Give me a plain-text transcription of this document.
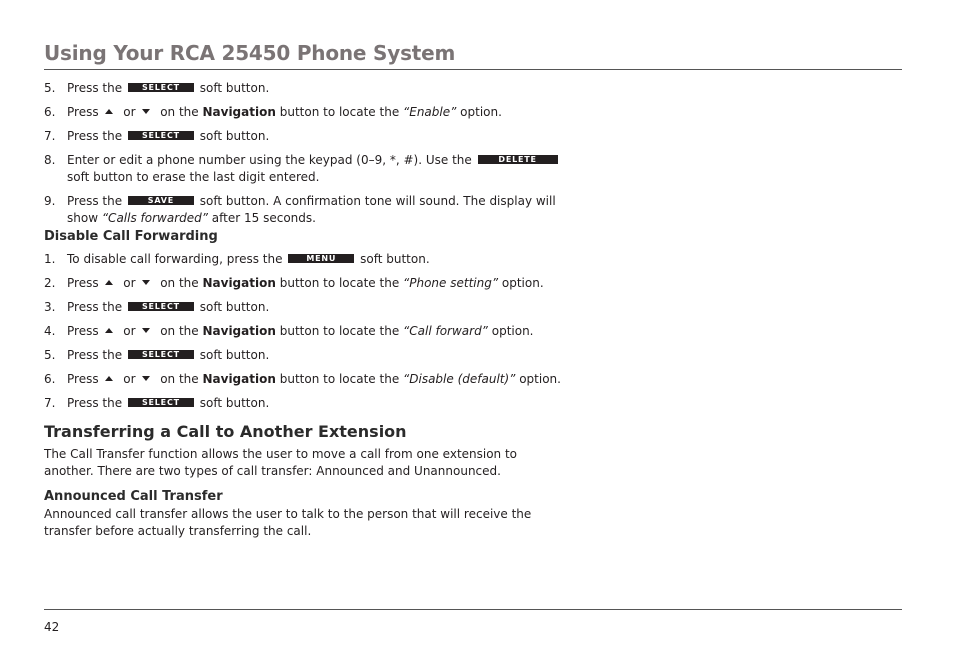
Using Your RCA 25450 Phone System
5. Press the SELECT soft button.
6. Press or on the Navigation button to locate the “Enable” option.
7. Press the SELECT soft button.
8. Enter or edit a phone number using the keypad (0–9, *, #). Use the	DELETE
soft button to erase the last digit entered.
9. Press the	SAVE soft button. A confirmation tone will sound. The display will
show “Calls forwarded” after 15 seconds.
Disable Call Forwarding
1. To disable call forwarding, press the	MENU soft button.
2. Press or on the Navigation button to locate the “Phone setting” option.
3. Press the SELECT soft button.
4. Press or on the Navigation button to locate the “Call forward” option.
5. Press the SELECT soft button.
6. Press or on the Navigation button to locate the “Disable (default)” option.
7. Press the SELECT soft button.
Transferring a Call to Another Extension

The Call Transfer function allows the user to move a call from one extension to

another. There are two types of call transfer: Announced and Unannounced.

Announced Call Transfer

Announced call transfer allows the user to talk to the person that will receive the

transfer before actually transferring the call.

42
